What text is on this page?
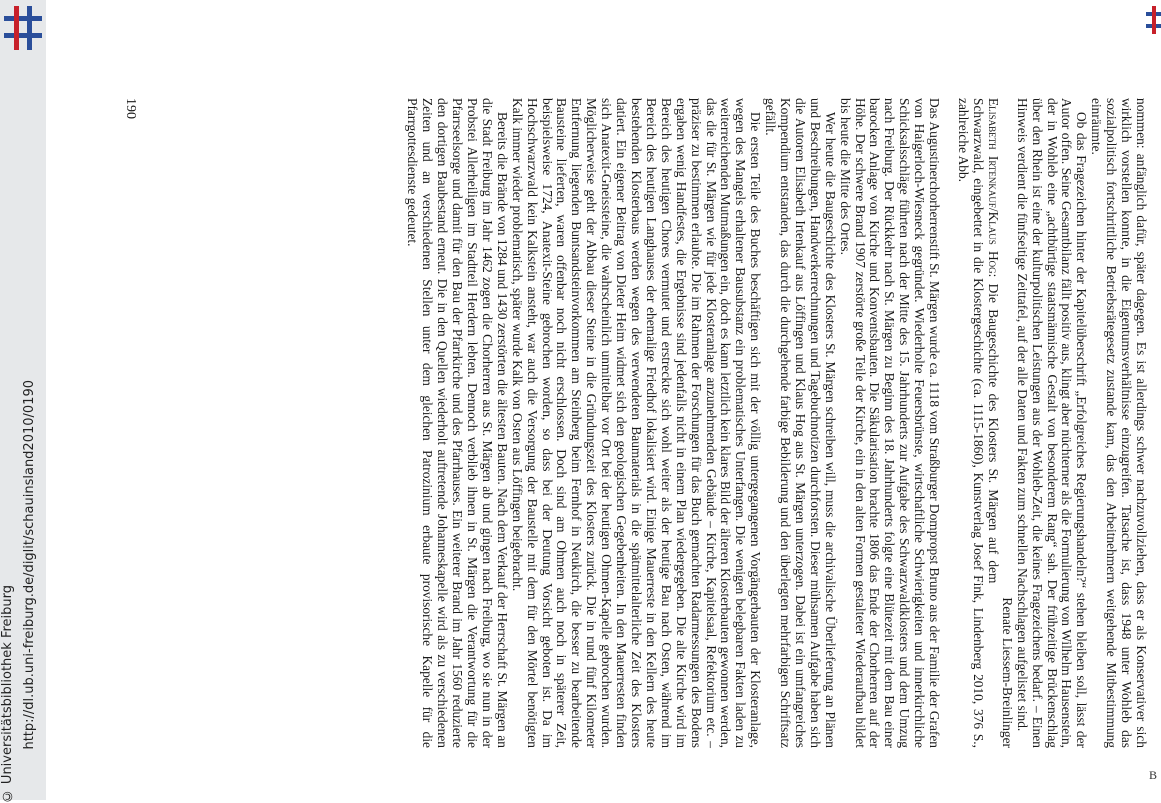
B

nommen: anfänglich dafür, später dagegen. Es ist allerdings schwer nachzuvollziehen, dass er als Konservativer sich wirklich vorstellen konnte, in die Eigentumsverhältnisse einzugreifen. Tatsache ist, dass 1948 unter Wohleb das sozialpolitisch fortschrittliche Betriebsrätegesetz zustande kam, das den Arbeitnehmern weitgehende Mitbestimmung einräumte.

Ob das Fragezeichen hinter der Kapitelüberschrift „Erfolgreiches Regierungshandeln?“ stehen bleiben soll, lässt der Autor offen. Seine Gesamtbilanz fällt positiv aus, klingt aber nüchterner als die Formulierung von Wilhelm Hausenstein, der in Wohleb eine „achtbürtige staatsmännische Gestalt von besonderem Rang“ sah. Der frühzeitige Brückenschlag über den Rhein ist eine der kulturpolitischen Leistungen aus der Wohleb-Zeit, die keines Fragezeichens bedarf. – Einen Hinweis verdient die fünfseitige Zeittafel, auf der alle Daten und Fakten zum schnellen Nachschlagen aufgelistet sind.
Renate Liessem-Breinlinger

Elisabeth Irtenkauf/Klaus Hog: Die Baugeschichte des Klosters St. Märgen auf dem Schwarzwald, eingebettet in die Klostergeschichte (ca. 1115-1860), Kunstverlag Josef Fink, Lindenberg 2010, 376 S., zahlreiche Abb.

Das Augustinerchorherrenstift St. Märgen wurde ca. 1118 vom Straßburger Dompropst Bruno aus der Familie der Grafen von Haigerloch-Wiesneck gegründet. Wiederholte Feuersbrünste, wirtschaftliche Schwierigkeiten und innerkirchliche Schicksalsschläge führten nach der Mitte des 15. Jahrhunderts zur Aufgabe des Schwarzwaldklosters und dem Umzug nach Freiburg. Der Rückkehr nach St. Märgen zu Beginn des 18. Jahrhunderts folgte eine Blütezeit mit dem Bau einer barocken Anlage von Kirche und Konventsbauten. Die Säkularisation brachte 1806 das Ende der Chorherren auf der Höhe. Der schwere Brand 1907 zerstörte große Teile der Kirche, ein in den alten Formen gestalteter Wiederaufbau bildet bis heute die Mitte des Ortes.

Wer heute die Baugeschichte des Klosters St. Märgen schreiben will, muss die archivalische Überlieferung an Plänen und Beschreibungen, Handwerkerrechnungen und Tagebuchnotizen durchforsten. Dieser mühsamen Aufgabe haben sich die Autoren Elisabeth Irtenkauf aus Löffingen und Klaus Hog aus St. Märgen unterzogen. Dabei ist ein umfangreiches Kompendium entstanden, das durch die durchgehende farbige Bebilderung und den überlegten mehrfarbigen Schriftsatz gefällt.

Die ersten Teile des Buches beschäftigen sich mit der völlig untergegangenen Vorgängerbauten der Klosteranlage, wegen des Mangels erhaltener Bausubstanz ein problematisches Unterfangen. Die wenigen belegbaren Fakten laden zu weiterreichenden Mutmaßungen ein, doch es kann letztlich kein klares Bild der älteren Klosterbauten gewonnen werden, das die für St. Märgen wie für jede Klosteranlage anzunehmenden Gebäude – Kirche, Kapitelsaal, Refektorium etc. – präziser zu bestimmen erlaubte. Die im Rahmen der Forschungen für das Buch gemachten Radarmessungen des Bodens ergaben wenig Handfestes, die Ergebnisse sind jedenfalls nicht in einem Plan wiedergegeben. Die alte Kirche wird im Bereich des heutigen Chores vermutet und erstreckte sich wohl weiter als der heutige Bau nach Osten, während im Bereich des heutigen Langhauses der ehemalige Friedhof lokalisiert wird. Einige Mauerreste in den Kellern des heute bestehenden Klosterbaus werden wegen des verwendeten Baumaterials in die spätmittelalterliche Zeit des Klosters datiert. Ein eigener Beitrag von Dieter Heim widmet sich den geologischen Gegebenheiten. In den Mauerresten finden sich Anatexit-Gneissteine, die wahrscheinlich unmittelbar vor Ort bei der heutigen Ohmen-Kapelle gebrochen wurden. Möglicherweise geht der Abbau dieser Steine in die Gründungszeit des Klosters zurück. Die in rund fünf Kilometer Entfernung liegenden Buntsandsteinvorkommen am Steinberg beim Fernhof in Neukirch, die besser zu bearbeitende Bausteine lieferten, waren offenbar noch nicht erschlossen. Doch sind am Ohmen auch noch in späterer Zeit, beispielsweise 1724, Anatexit-Steine gebrochen worden, so dass bei der Deutung Vorsicht geboten ist. Da im Hochschwarzwald kein Kalkstein ansteht, war auch die Versorgung der Baustelle mit dem für den Mörtel benötigten Kalk immer wieder problematisch, später wurde Kalk von Osten aus Löffingen beigebracht.

Bereits die Brände von 1284 und 1430 zerstörten die ältesten Bauten. Nach dem Verkauf der Herrschaft St. Märgen an die Stadt Freiburg im Jahr 1462 zogen die Chorherren aus St. Märgen ab und gingen nach Freiburg, wo sie nun in der Probstei Allerheiligen im Stadtteil Herdern lebten. Dennoch verblieb ihnen in St. Märgen die Verantwortung für die Pfarrseelsorge und damit für den Bau der Pfarrkirche und des Pfarrhauses. Ein weiterer Brand im Jahr 1560 reduzierte den dortigen Baubestand erneut. Die in den Quellen wiederholt auftretende Johanneskapelle wird als zu verschiedenen Zeiten und an verschiedenen Stellen unter dem gleichen Patrozinium erbaute provisorische Kapelle für die Pfarrgottesdienste gedeutet.

190
http://dl.ub.uni-freiburg.de/diglit/schauinsland2010/0190
© Universitätsbibliothek Freiburg
